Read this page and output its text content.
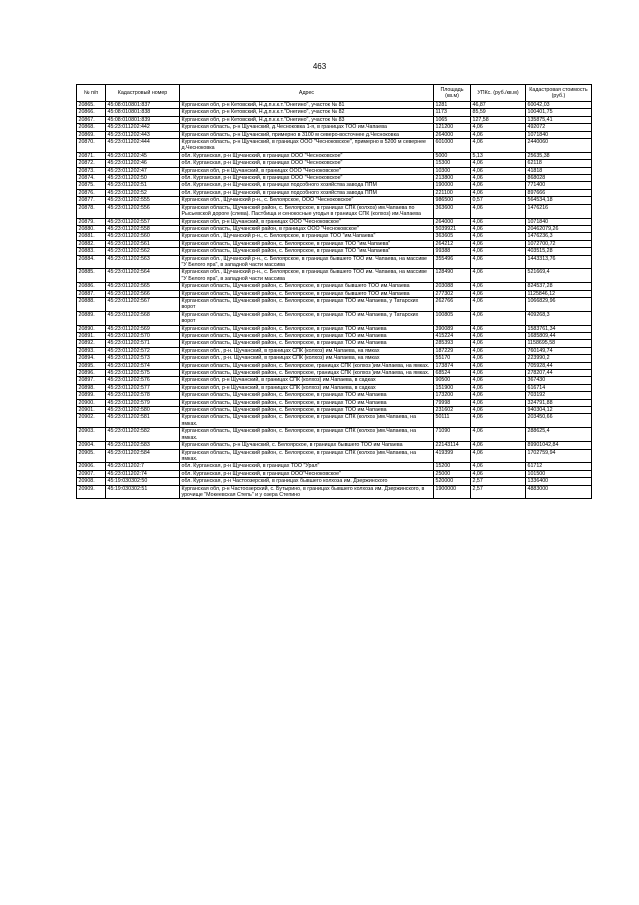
463
№ п/п	Кадастровый номер	Адрес	Площадь (кв.м)	УПКс. (руб./кв.м)	Кадастровая стоимость (руб.)
20865.	45:08:010801:837	Курганская обл, р-н Кетовский, Н.д.п.к.к.т."Онегино", участок № 81	1281	46,87	60042,03
20866.	45:08:010801:838	Курганская обл, р-н Кетовский, Н.д.п.к.к.т."Онегино", участок № 82	1173	85,59	100401,75
20867.	45:08:010801:839	Курганская обл, р-н Кетовский, Н.д.п.к.к.т."Онегино", участок № 83	1065	127,58	135875,41
20868.	45:23:011202:442	Курганская область, р-н Щучанский, д.Чесноковка 1-я, в границах ТОО им.Чапаева	121200	4,06	492072
20869.	45:23:011202:443	Курганская область, р-н Щучанский, примерно в 3100 м северо-восточнее д.Чесноковка	264000	4,06	1071840
20870.	45:23:011202:444	Курганская область, р-н Щучанский, в границах ООО "Чесноковское", примерно в 5200 м севернее д.Чесноковка	601000	4,06	2440060
20871.	45:23:011202:45	обл. Курганская, р-н Щучанский, в границах ООО "Чесноковское"	5000	5,13	25635,38
20872.	45:23:011202:46	обл. Курганская, р-н Щучанский, в границах ООО "Чесноковское"	15300	4,06	62118
20873.	45:23:011202:47	Курганская обл, р-н Щучанский, в границах ООО "Чесноковское"	10300	4,06	41818
20874.	45:23:011202:50	обл. Курганская, р-н Щучанский, в границах ООО "Чесноковское"	213800	4,06	868028
20875.	45:23:011202:51	обл. Курганская, р-н Щучанский, в границах подсобного хозяйства завода ППМ	190000	4,06	771400
20876.	45:23:011202:52	обл. Курганская, р-н Щучанский, в границах подсобного хозяйства завода ППМ	221100	4,06	897666
20877.	45:23:011202:555	Курганская обл., Щучанский р-н., с. Белоярское, ООО "Чесноковское"	986500	0,57	564534,18
20878.	45:23:011202:556	Курганская область, Щучанский район, с. Белоярское, в границах СПК (колхоз) им.Чапаева по Рысьевской дороге (слева). Пастбища и сенокосные угодья в границах СПК (колхоз) им.Чапаева	363600	4,06	1476216
20879.	45:23:011202:557	Курганская обл, р-н Щучанский, в границах ООО "Чесноковское"	264000	4,06	1071840
20880.	45:23:011202:558	Курганская область, Щучанский район, в границах ООО "Чесноковское"	5039921	4,06	20462079,26
20881.	45:23:011202:560	Курганская обл., Щучанский р-н., с. Белоярское, в границах ТОО "им.Чапаева"	363605	4,06	1476236,3
20882.	45:23:011202:561	Курганская область, Щучанский район, с. Белоярское, в границах ТОО "им.Чапаева"	264212	4,06	1072700,72
20883.	45:23:011202:562	Курганская область, Щучанский район, с. Белоярское, в границах ТОО "им.Чапаева"	99388	4,06	403515,28
20884.	45:23:011202:563	Курганская обл., Щучанский р-н., с. Белоярское, в границах бывшего ТОО им. Чапаева, на массиве "У Белого яра", в западной части массива	355496	4,06	1443313,76
20885.	45:23:011202:564	Курганская обл., Щучанский р-н., с. Белоярское, в границах бывшего ТОО им. Чапаева, на массиве "У Белого яра", в западной части массива	128490	4,06	521669,4
20886.	45:23:011202:565	Курганская область, Щучанский район, с. Белоярское, в границах бывшего ТОО им.Чапаева	203088	4,06	824537,28
20887.	45:23:011202:566	Курганская область, Щучанский район, с. Белоярское, в границах бывшего ТОО им.Чапаева	277302	4,06	1125846,12
20888.	45:23:011202:567	Курганская область, Щучанский район, с. Белоярское, в границах ТОО им.Чапаева, у Татарских ворот	262766	4,06	1066829,96
20889.	45:23:011202:568	Курганская область, Щучанский район, с. Белоярское, в границах ТОО им.Чапаева, у Татарских ворот	100805	4,06	409268,3
20890.	45:23:011202:569	Курганская область, Щучанский район, с. Белоярское, в границах ТОО им.Чапаева	390089	4,06	1583761,34
20891.	45:23:011202:570	Курганская область, Щучанский район, с. Белоярское, в границах ТОО им.Чапаева	415224	4,06	1685809,44
20892.	45:23:011202:571	Курганская область, Щучанский район, с. Белоярское, в границах ТОО им.Чапаева	285393	4,06	1158695,58
20893.	45:23:011202:572	Курганская обл., р-н. Щучанский, в границах СПК (колхоз) им.Чапаева, на ямках	187229	4,06	760149,74
20894.	45:23:011202:573	Курганская обл., р-н. Щучанский, в границах СПК (колхоз) им.Чапаева, на ямках	55170	4,06	223990,2
20895.	45:23:011202:574	Курганская область, Щучанский район, с. Белоярское, границах СПК (колхоз )им.Чапаева, на ямках.	173874	4,06	705928,44
20896.	45:23:011202:575	Курганская область, Щучанский район, с. Белоярское, границах СПК (колхоз )им.Чапаева, на ямках.	68524	4,06	278207,44
20897.	45:23:011202:576	Курганская обл, р-н Щучанский, в границах СПК (колхоз) им.Чапаева, в садках	90500	4,06	367430
20898.	45:23:011202:577	Курганская обл, р-н Щучанский, в границах СПК (колхоз) им.Чапаева, в садках	151900	4,06	616714
20899.	45:23:011202:578	Курганская область, Щучанский район, с. Белоярское, в границах ТОО им.Чапаева	173200	4,06	703192
20900.	45:23:011202:579	Курганская область, Щучанский район, с. Белоярское, в границах ТОО им.Чапаева	79998	4,06	324791,88
20901.	45:23:011202:580	Курганская область, Щучанский район, с. Белоярское, в границах ТОО им.Чапаева	231602	4,06	940304,12
20902.	45:23:011202:581	Курганская область, Щучанский район, с. Белоярское, в границах СПК (колхоз )им.Чапаева, на ямках.	50111	4,06	203450,66
20903.	45:23:011202:582	Курганская область, Щучанский район, с. Белоярское, в границах СПК (колхоз )им.Чапаева, на ямках.	71090	4,06	288625,4
20904.	45:23:011202:583	Курганская область, р-н Щучанский, с. Белоярское, в границах бывшего ТОО им Чапаева	22143114	4,06	89901042,84
20905.	45:23:011202:584	Курганская область, Щучанский район, с. Белоярское, в границах СПК (колхоз )им.Чапаева, на ямках.	419399	4,06	1702759,94
20906.	45:23:011202:7	обл. Курганская, р-н Щучанский, в границах ТОО "Урал"	15200	4,06	61712
20907.	45:23:011202:74	обл. Курганская, р-н Щучанский, в границах ООО"Чесноковское"	25000	4,06	101500
20908.	45:19:030302:50	обл. Курганская, р-н Частоозерский, в границах бывшего колхоза им. Дзержинского	520000	2,57	1336400
20909.	45:19:030302:51	Курганская обл, р-н Частоозерский, с. Бутырино, в границах бывшего колхоза им. Дзержинского, в урочище "Мокеевская Степь" и у озера Степино	1900000	2,57	4883000
